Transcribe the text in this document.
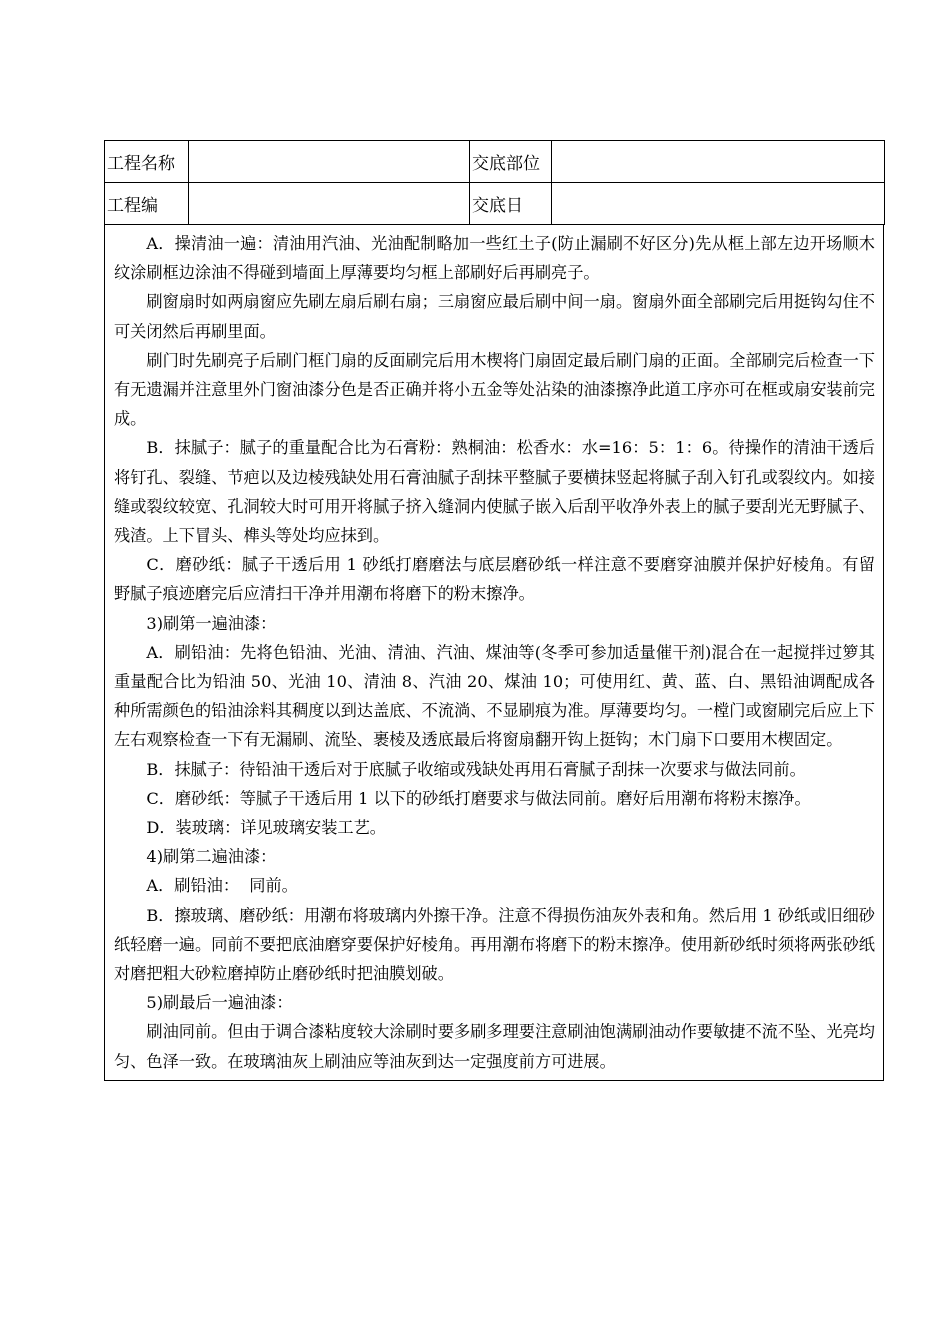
工程名称		交底部位	
工程编		交底日	

A．操清油一遍：清油用汽油、光油配制略加一些红土子(防止漏刷不好区分)先从框上部左边开场顺木纹涂刷框边涂油不得碰到墙面上厚薄要均匀框上部刷好后再刷亮子。

刷窗扇时如两扇窗应先刷左扇后刷右扇；三扇窗应最后刷中间一扇。窗扇外面全部刷完后用挺钩勾住不可关闭然后再刷里面。

刷门时先刷亮子后刷门框门扇的反面刷完后用木楔将门扇固定最后刷门扇的正面。全部刷完后检查一下有无遗漏并注意里外门窗油漆分色是否正确并将小五金等处沾染的油漆擦净此道工序亦可在框或扇安装前完成。

B．抹腻子：腻子的重量配合比为石膏粉：熟桐油：松香水：水=16：5：1：6。待操作的清油干透后将钉孔、裂缝、节疤以及边棱残缺处用石膏油腻子刮抹平整腻子要横抹竖起将腻子刮入钉孔或裂纹内。如接缝或裂纹较宽、孔洞较大时可用开将腻子挤入缝洞内使腻子嵌入后刮平收净外表上的腻子要刮光无野腻子、残渣。上下冒头、榫头等处均应抹到。

C．磨砂纸：腻子干透后用 1 砂纸打磨磨法与底层磨砂纸一样注意不要磨穿油膜并保护好棱角。有留野腻子痕迹磨完后应清扫干净并用潮布将磨下的粉末擦净。

3)刷第一遍油漆：

A．刷铅油：先将色铅油、光油、清油、汽油、煤油等(冬季可参加适量催干剂)混合在一起搅拌过箩其重量配合比为铅油 50、光油 10、清油 8、汽油 20、煤油 10；可使用红、黄、蓝、白、黑铅油调配成各种所需颜色的铅油涂料其稠度以到达盖底、不流淌、不显刷痕为准。厚薄要均匀。一樘门或窗刷完后应上下左右观察检查一下有无漏刷、流坠、裹棱及透底最后将窗扇翻开钩上挺钩；木门扇下口要用木楔固定。

B．抹腻子：待铅油干透后对于底腻子收缩或残缺处再用石膏腻子刮抹一次要求与做法同前。

C．磨砂纸：等腻子干透后用 1 以下的砂纸打磨要求与做法同前。磨好后用潮布将粉末擦净。

D．装玻璃：详见玻璃安装工艺。

4)刷第二遍油漆：

A．刷铅油：  同前。

B．擦玻璃、磨砂纸：用潮布将玻璃内外擦干净。注意不得损伤油灰外表和角。然后用 1 砂纸或旧细砂纸轻磨一遍。同前不要把底油磨穿要保护好棱角。再用潮布将磨下的粉末擦净。使用新砂纸时须将两张砂纸对磨把粗大砂粒磨掉防止磨砂纸时把油膜划破。

5)刷最后一遍油漆：

刷油同前。但由于调合漆粘度较大涂刷时要多刷多理要注意刷油饱满刷油动作要敏捷不流不坠、光亮均匀、色泽一致。在玻璃油灰上刷油应等油灰到达一定强度前方可进展。
